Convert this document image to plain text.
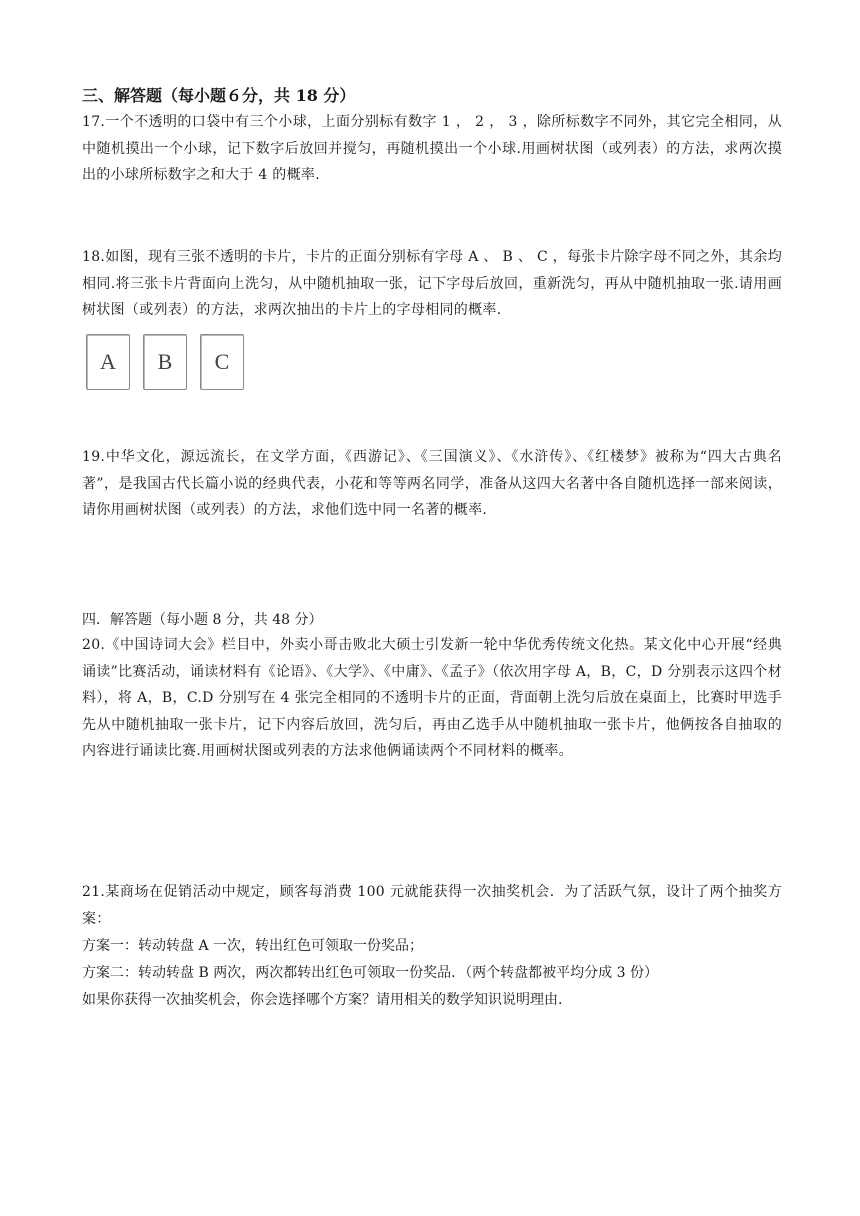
三、解答题（每小题６分，共 18 分）
17.一个不透明的口袋中有三个小球，上面分别标有数字 1 ， 2 ， 3 ，除所标数字不同外，其它完全相同，从中随机摸出一个小球，记下数字后放回并搅匀，再随机摸出一个小球.用画树状图（或列表）的方法，求两次摸出的小球所标数字之和大于 4 的概率.
18.如图，现有三张不透明的卡片，卡片的正面分别标有字母 A 、 B 、 C ，每张卡片除字母不同之外，其余均相同.将三张卡片背面向上洗匀，从中随机抽取一张，记下字母后放回，重新洗匀，再从中随机抽取一张.请用画树状图（或列表）的方法，求两次抽出的卡片上的字母相同的概率.
A	B	C
19.中华文化，源远流长，在文学方面，《西游记》、《三国演义》、《水浒传》、《红楼梦》被称为“四大古典名著”，是我国古代长篇小说的经典代表，小花和等等两名同学，准备从这四大名著中各自随机选择一部来阅读，请你用画树状图（或列表）的方法，求他们选中同一名著的概率.
四．解答题（每小题 8 分，共 48 分）
20.《中国诗词大会》栏目中，外卖小哥击败北大硕士引发新一轮中华优秀传统文化热。某文化中心开展“经典诵读”比赛活动，诵读材料有《论语》、《大学》、《中庸》、《孟子》（依次用字母 A，B，C，D 分别表示这四个材料），将 A，B，C.D 分别写在 4 张完全相同的不透明卡片的正面，背面朝上洗匀后放在桌面上，比赛时甲选手先从中随机抽取一张卡片，记下内容后放回，洗匀后，再由乙选手从中随机抽取一张卡片，他俩按各自抽取的内容进行诵读比赛.用画树状图或列表的方法求他俩诵读两个不同材料的概率。
21.某商场在促销活动中规定，顾客每消费 100 元就能获得一次抽奖机会．为了活跃气氛，设计了两个抽奖方案：
方案一：转动转盘 A 一次，转出红色可领取一份奖品；
方案二：转动转盘 B 两次，两次都转出红色可领取一份奖品．（两个转盘都被平均分成 3 份）
如果你获得一次抽奖机会，你会选择哪个方案？请用相关的数学知识说明理由.
